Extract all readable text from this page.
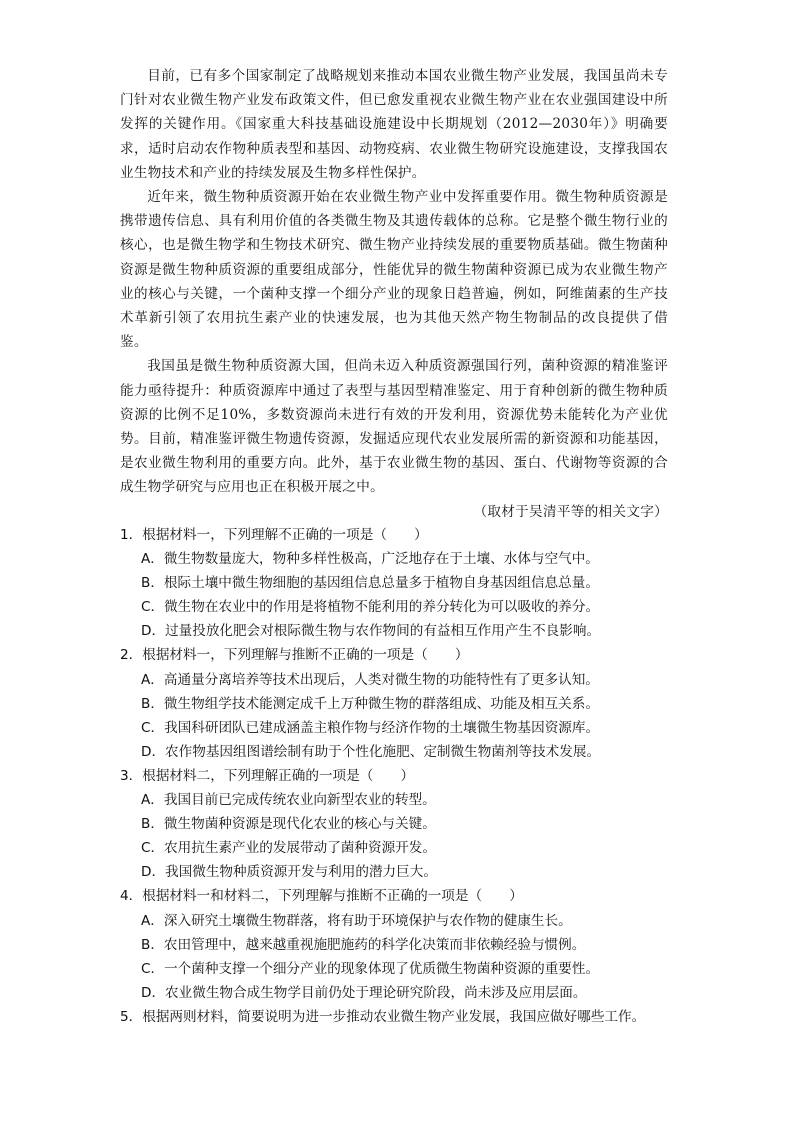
目前，已有多个国家制定了战略规划来推动本国农业微生物产业发展，我国虽尚未专门针对农业微生物产业发布政策文件，但已愈发重视农业微生物产业在农业强国建设中所发挥的关键作用。《国家重大科技基础设施建设中长期规划（2012—2030年）》明确要求，适时启动农作物种质表型和基因、动物疫病、农业微生物研究设施建设，支撑我国农业生物技术和产业的持续发展及生物多样性保护。

近年来，微生物种质资源开始在农业微生物产业中发挥重要作用。微生物种质资源是携带遗传信息、具有利用价值的各类微生物及其遗传载体的总称。它是整个微生物行业的核心，也是微生物学和生物技术研究、微生物产业持续发展的重要物质基础。微生物菌种资源是微生物种质资源的重要组成部分，性能优异的微生物菌种资源已成为农业微生物产业的核心与关键，一个菌种支撑一个细分产业的现象日趋普遍，例如，阿维菌素的生产技术革新引领了农用抗生素产业的快速发展，也为其他天然产物生物制品的改良提供了借鉴。

我国虽是微生物种质资源大国，但尚未迈入种质资源强国行列，菌种资源的精准鉴评能力亟待提升：种质资源库中通过了表型与基因型精准鉴定、用于育种创新的微生物种质资源的比例不足10%，多数资源尚未进行有效的开发利用，资源优势未能转化为产业优势。目前，精准鉴评微生物遗传资源，发掘适应现代农业发展所需的新资源和功能基因，是农业微生物利用的重要方向。此外，基于农业微生物的基因、蛋白、代谢物等资源的合成生物学研究与应用也正在积极开展之中。

（取材于吴清平等的相关文字）

1．根据材料一，下列理解不正确的一项是（　　）

A．微生物数量庞大，物种多样性极高，广泛地存在于土壤、水体与空气中。

B．根际土壤中微生物细胞的基因组信息总量多于植物自身基因组信息总量。

C．微生物在农业中的作用是将植物不能利用的养分转化为可以吸收的养分。

D．过量投放化肥会对根际微生物与农作物间的有益相互作用产生不良影响。

2．根据材料一，下列理解与推断不正确的一项是（　　）

A．高通量分离培养等技术出现后，人类对微生物的功能特性有了更多认知。

B．微生物组学技术能测定成千上万种微生物的群落组成、功能及相互关系。

C．我国科研团队已建成涵盖主粮作物与经济作物的土壤微生物基因资源库。

D．农作物基因组图谱绘制有助于个性化施肥、定制微生物菌剂等技术发展。

3．根据材料二，下列理解正确的一项是（　　）

A．我国目前已完成传统农业向新型农业的转型。

B．微生物菌种资源是现代化农业的核心与关键。

C．农用抗生素产业的发展带动了菌种资源开发。

D．我国微生物种质资源开发与利用的潜力巨大。

4．根据材料一和材料二，下列理解与推断不正确的一项是（　　）

A．深入研究土壤微生物群落，将有助于环境保护与农作物的健康生长。

B．农田管理中，越来越重视施肥施药的科学化决策而非依赖经验与惯例。

C．一个菌种支撑一个细分产业的现象体现了优质微生物菌种资源的重要性。

D．农业微生物合成生物学目前仍处于理论研究阶段，尚未涉及应用层面。

5．根据两则材料，简要说明为进一步推动农业微生物产业发展，我国应做好哪些工作。
